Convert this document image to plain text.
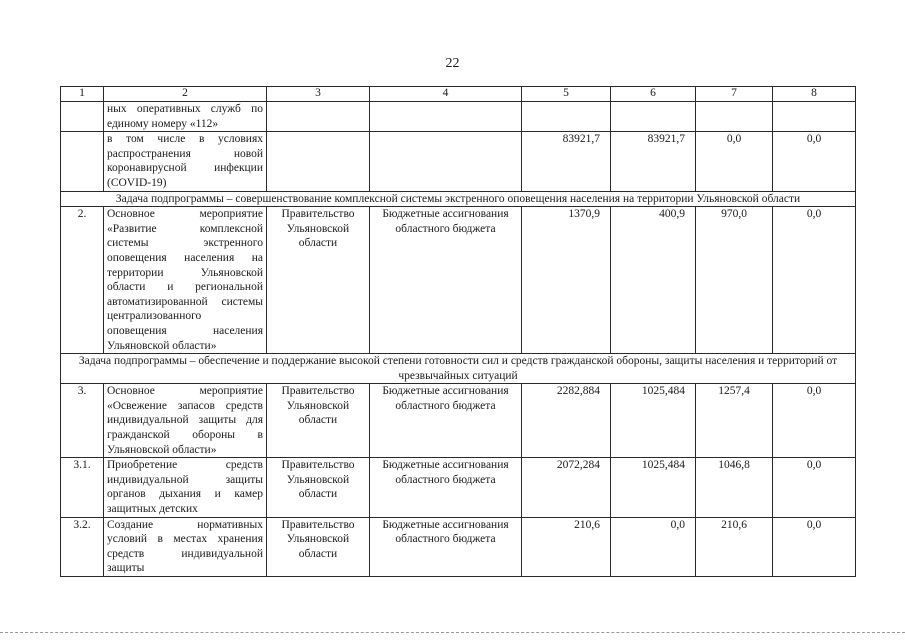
22
1	2	3	4	5	6	7	8
	ных оперативных служб по единому номеру «112»						
	в том числе в условиях распространения новой коронавирусной инфекции (COVID-19)			83921,7	83921,7	0,0	0,0
Задача подпрограммы – совершенствование комплексной системы экстренного оповещения населения на территории Ульяновской области							
2.	Основное мероприятие «Развитие комплексной системы экстренного оповещения населения на территории Ульяновской области и региональной автоматизированной системы централизованного оповещения населения Ульяновской области»	Правительство Ульяновской области	Бюджетные ассигнования областного бюджета	1370,9	400,9	970,0	0,0
Задача подпрограммы – обеспечение и поддержание высокой степени готовности сил и средств гражданской обороны, защиты населения и территорий от чрезвычайных ситуаций							
3.	Основное мероприятие «Освежение запасов средств индивидуальной защиты для гражданской обороны в Ульяновской области»	Правительство Ульяновской области	Бюджетные ассигнования областного бюджета	2282,884	1025,484	1257,4	0,0
3.1.	Приобретение средств индивидуальной защиты органов дыхания и камер защитных детских	Правительство Ульяновской области	Бюджетные ассигнования областного бюджета	2072,284	1025,484	1046,8	0,0
3.2.	Создание нормативных условий в местах хранения средств индивидуальной защиты	Правительство Ульяновской области	Бюджетные ассигнования областного бюджета	210,6	0,0	210,6	0,0
